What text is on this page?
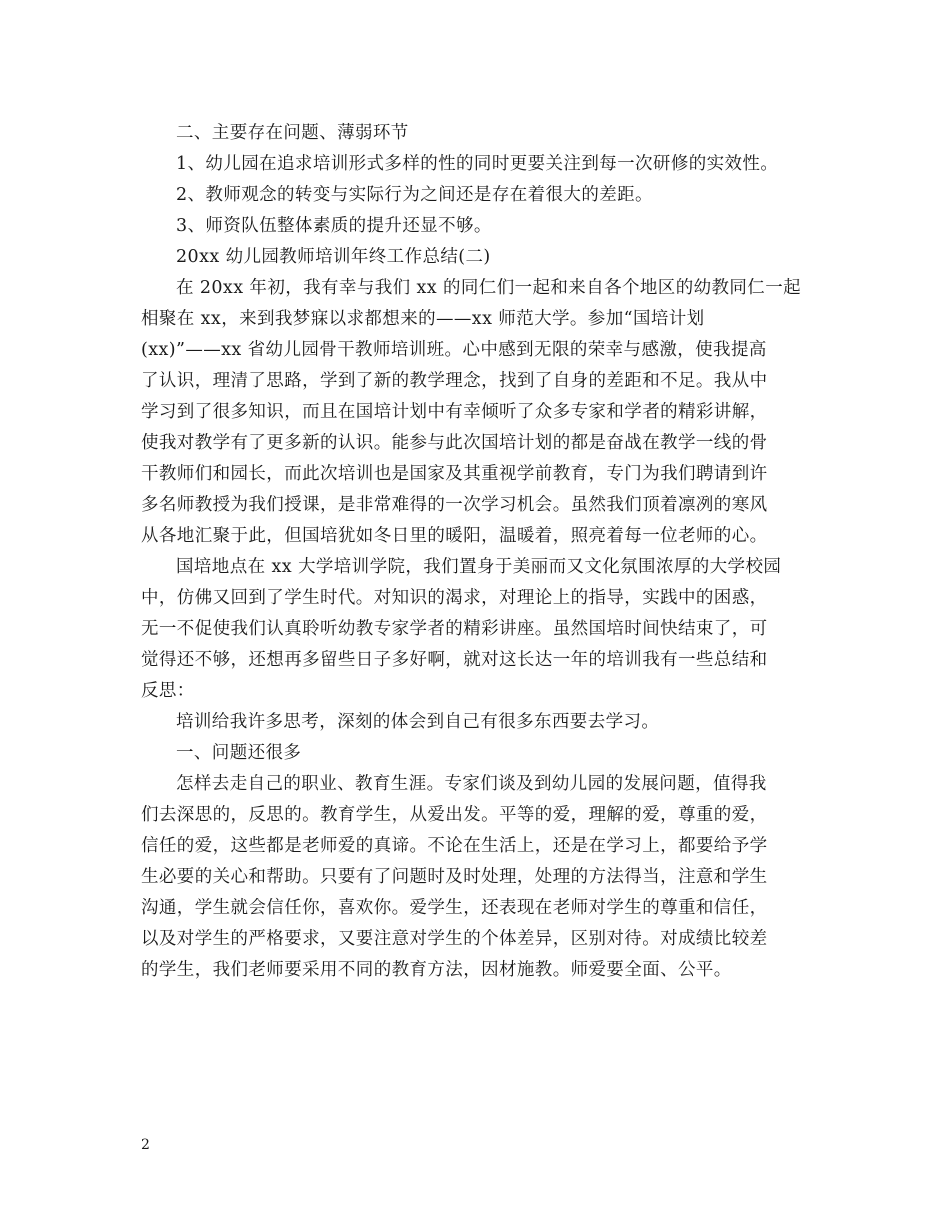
二、主要存在问题、薄弱环节
1、幼儿园在追求培训形式多样的性的同时更要关注到每一次研修的实效性。
2、教师观念的转变与实际行为之间还是存在着很大的差距。
3、师资队伍整体素质的提升还显不够。
20xx 幼儿园教师培训年终工作总结(二)
在 20xx 年初，我有幸与我们 xx 的同仁们一起和来自各个地区的幼教同仁一起
相聚在 xx，来到我梦寐以求都想来的——xx 师范大学。参加“国培计划
(xx)”——xx 省幼儿园骨干教师培训班。心中感到无限的荣幸与感激，使我提高
了认识，理清了思路，学到了新的教学理念，找到了自身的差距和不足。我从中
学习到了很多知识，而且在国培计划中有幸倾听了众多专家和学者的精彩讲解，
使我对教学有了更多新的认识。能参与此次国培计划的都是奋战在教学一线的骨
干教师们和园长，而此次培训也是国家及其重视学前教育，专门为我们聘请到许
多名师教授为我们授课，是非常难得的一次学习机会。虽然我们顶着凛冽的寒风
从各地汇聚于此，但国培犹如冬日里的暖阳，温暖着，照亮着每一位老师的心。
国培地点在 xx 大学培训学院，我们置身于美丽而又文化氛围浓厚的大学校园
中，仿佛又回到了学生时代。对知识的渴求，对理论上的指导，实践中的困惑，
无一不促使我们认真聆听幼教专家学者的精彩讲座。虽然国培时间快结束了，可
觉得还不够，还想再多留些日子多好啊，就对这长达一年的培训我有一些总结和
反思：
培训给我许多思考，深刻的体会到自己有很多东西要去学习。
一、问题还很多
怎样去走自己的职业、教育生涯。专家们谈及到幼儿园的发展问题，值得我
们去深思的，反思的。教育学生，从爱出发。平等的爱，理解的爱，尊重的爱，
信任的爱，这些都是老师爱的真谛。不论在生活上，还是在学习上，都要给予学
生必要的关心和帮助。只要有了问题时及时处理，处理的方法得当，注意和学生
沟通，学生就会信任你，喜欢你。爱学生，还表现在老师对学生的尊重和信任，
以及对学生的严格要求，又要注意对学生的个体差异，区别对待。对成绩比较差
的学生，我们老师要采用不同的教育方法，因材施教。师爱要全面、公平。
2
